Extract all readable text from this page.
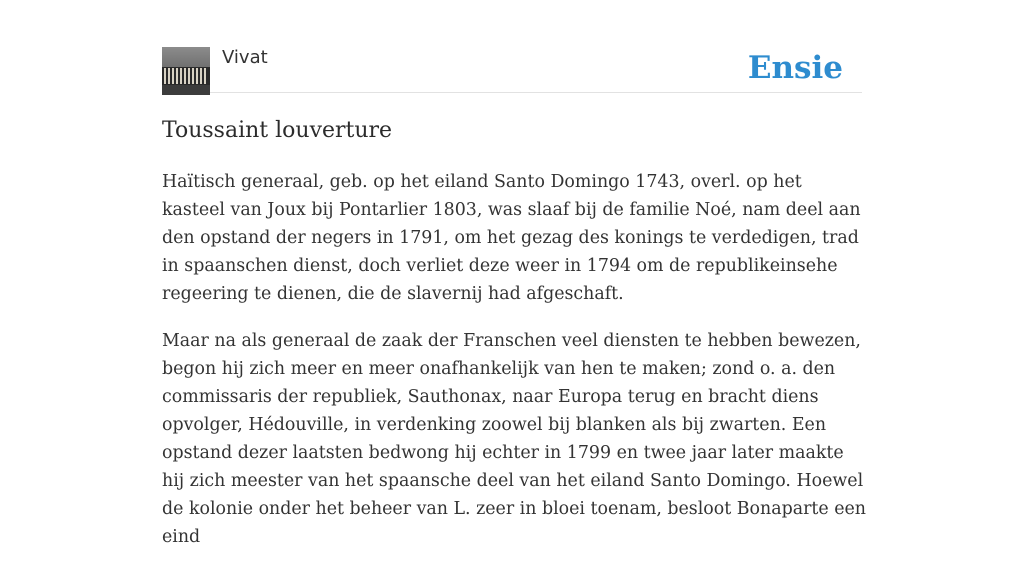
Vivat	Ensie
Toussaint louverture

Haïtisch generaal, geb. op het eiland Santo Domingo 1743, overl. op het kasteel van Joux bij Pontarlier 1803, was slaaf bij de familie Noé, nam deel aan den opstand der negers in 1791, om het gezag des konings te verdedigen, trad in spaanschen dienst, doch verliet deze weer in 1794 om de republikeinsehe regeering te dienen, die de slavernij had afgeschaft.

Maar na als generaal de zaak der Franschen veel diensten te hebben bewezen, begon hij zich meer en meer onafhankelijk van hen te maken; zond o. a. den commissaris der republiek, Sauthonax, naar Europa terug en bracht diens opvolger, Hédouville, in verdenking zoowel bij blanken als bij zwarten. Een opstand dezer laatsten bedwong hij echter in 1799 en twee jaar later maakte hij zich meester van het spaansche deel van het eiland Santo Domingo. Hoewel de kolonie onder het beheer van L. zeer in bloei toenam, besloot Bonaparte een eind
